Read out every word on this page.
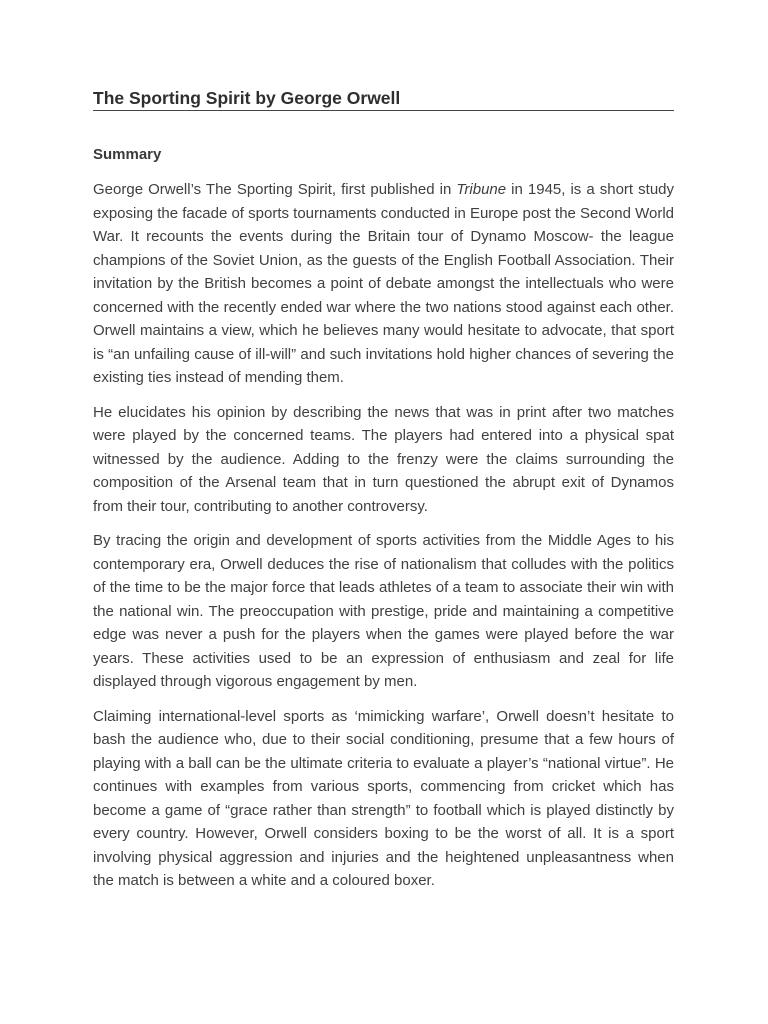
The Sporting Spirit by George Orwell
Summary

George Orwell’s The Sporting Spirit, first published in Tribune in 1945, is a short study exposing the facade of sports tournaments conducted in Europe post the Second World War. It recounts the events during the Britain tour of Dynamo Moscow- the league champions of the Soviet Union, as the guests of the English Football Association. Their invitation by the British becomes a point of debate amongst the intellectuals who were concerned with the recently ended war where the two nations stood against each other. Orwell maintains a view, which he believes many would hesitate to advocate, that sport is “an unfailing cause of ill-will” and such invitations hold higher chances of severing the existing ties instead of mending them.

He elucidates his opinion by describing the news that was in print after two matches were played by the concerned teams. The players had entered into a physical spat witnessed by the audience. Adding to the frenzy were the claims surrounding the composition of the Arsenal team that in turn questioned the abrupt exit of Dynamos from their tour, contributing to another controversy.

By tracing the origin and development of sports activities from the Middle Ages to his contemporary era, Orwell deduces the rise of nationalism that colludes with the politics of the time to be the major force that leads athletes of a team to associate their win with the national win. The preoccupation with prestige, pride and maintaining a competitive edge was never a push for the players when the games were played before the war years. These activities used to be an expression of enthusiasm and zeal for life displayed through vigorous engagement by men.

Claiming international-level sports as ‘mimicking warfare’, Orwell doesn’t hesitate to bash the audience who, due to their social conditioning, presume that a few hours of playing with a ball can be the ultimate criteria to evaluate a player’s “national virtue”. He continues with examples from various sports, commencing from cricket which has become a game of “grace rather than strength” to football which is played distinctly by every country. However, Orwell considers boxing to be the worst of all. It is a sport involving physical aggression and injuries and the heightened unpleasantness when the match is between a white and a coloured boxer.
